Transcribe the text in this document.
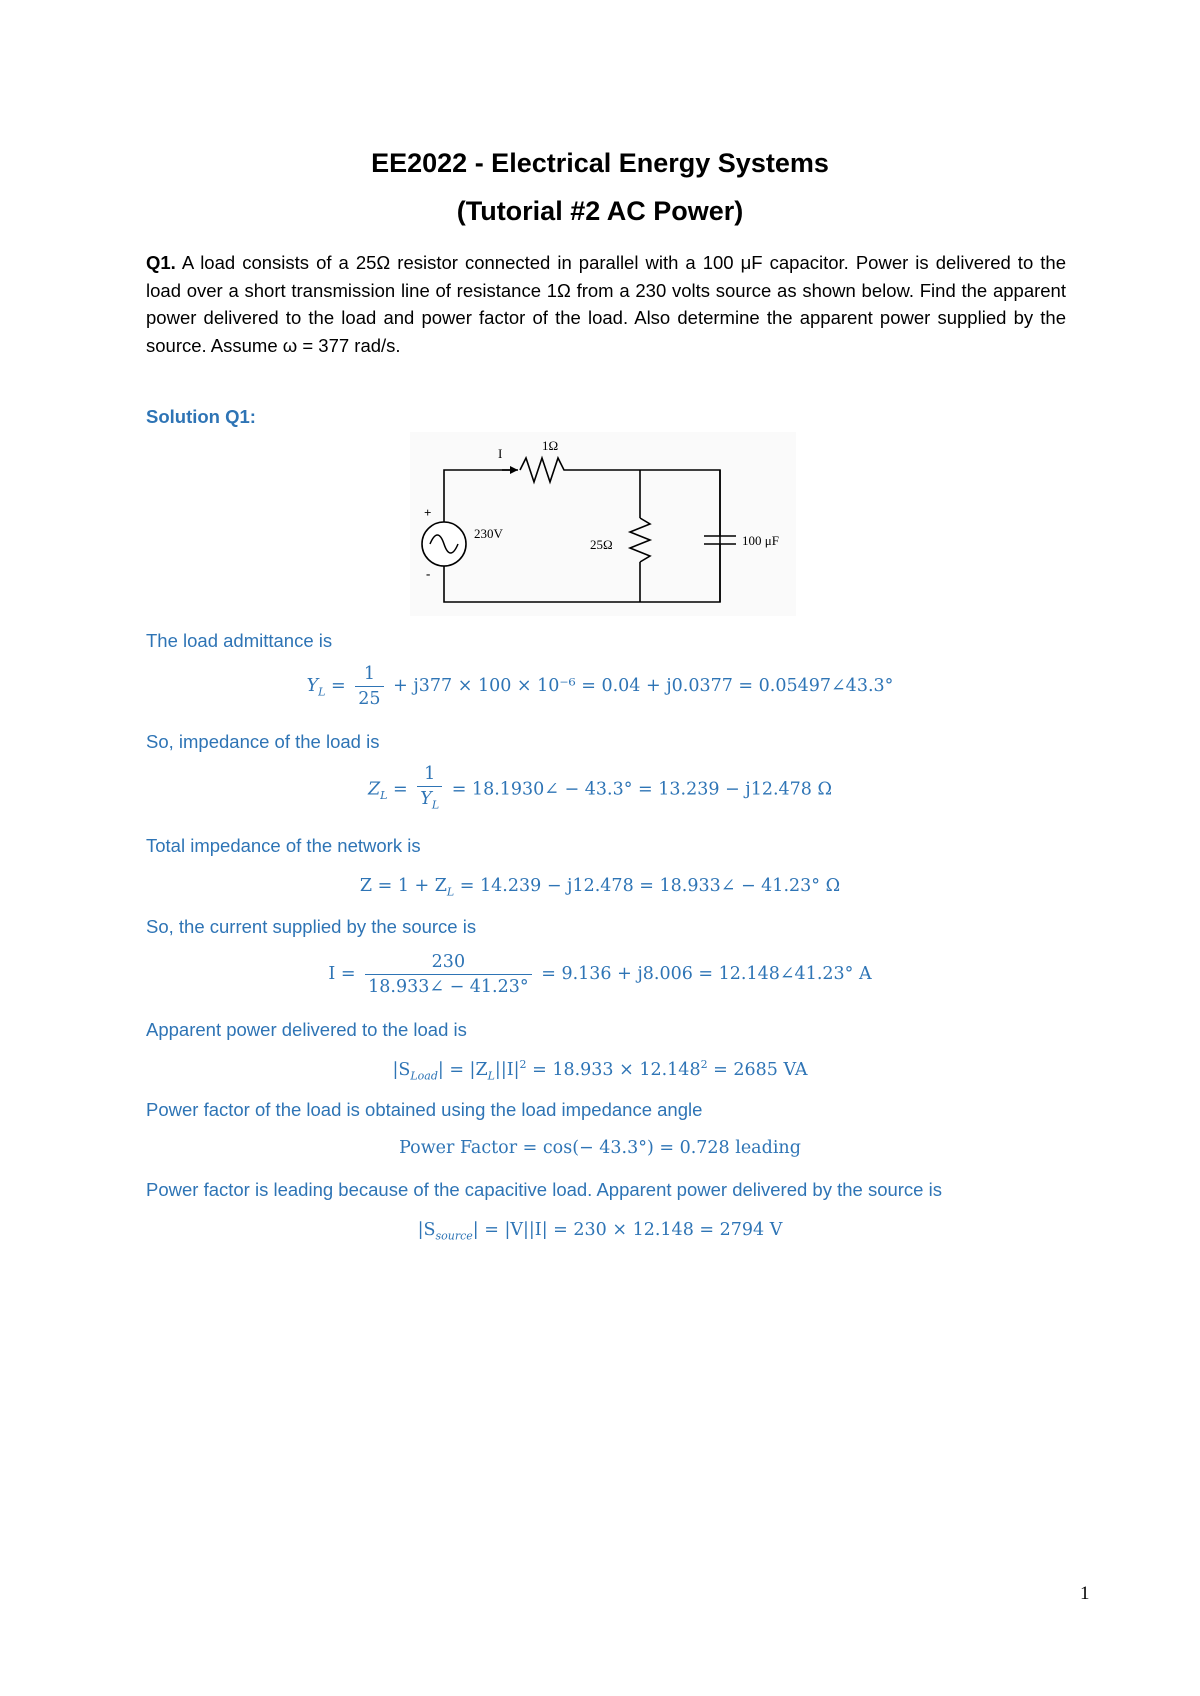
EE2022 - Electrical Energy Systems
(Tutorial #2 AC Power)
Q1. A load consists of a 25Ω resistor connected in parallel with a 100 μF capacitor. Power is delivered to the load over a short transmission line of resistance 1Ω from a 230 volts source as shown below. Find the apparent power delivered to the load and power factor of the load. Also determine the apparent power supplied by the source. Assume ω = 377 rad/s.
Solution Q1:
I
1Ω
+
-
230V
25Ω	100 μF
The load admittance is
$Y_L = \frac{1}{25} + j377 \times 100 \times 10^{-6} = 0.04 + j0.0377$ = 0.05497∠43.3°
So, impedance of the load is
$Z_L = \frac{1}{Y_L}$ = 18.1930∠ − 43.3° = 13.239 − j12.478 Ω
Total impedance of the network is
$Z = 1 + Z_L = 14.239 - j12.478$ = 18.933∠ − 41.23° Ω
So, the current supplied by the source is
$I = \frac{230}{18.933\angle - 41.23^\circ} = 9.136 + j8.006$ = 12.148∠41.23° A
Apparent power delivered to the load is
$|S_{Load}| = |Z_L||I|^2 = 18.933 \times 12.148^2 = 2685$ VA
Power factor of the load is obtained using the load impedance angle
Power Factor = cos(− 43.3°) = 0.728 leading
Power factor is leading because of the capacitive load. Apparent power delivered by the source is
$|S_{source}| = |V||I| = 230 \times 12.148 = 2794$ V
1
